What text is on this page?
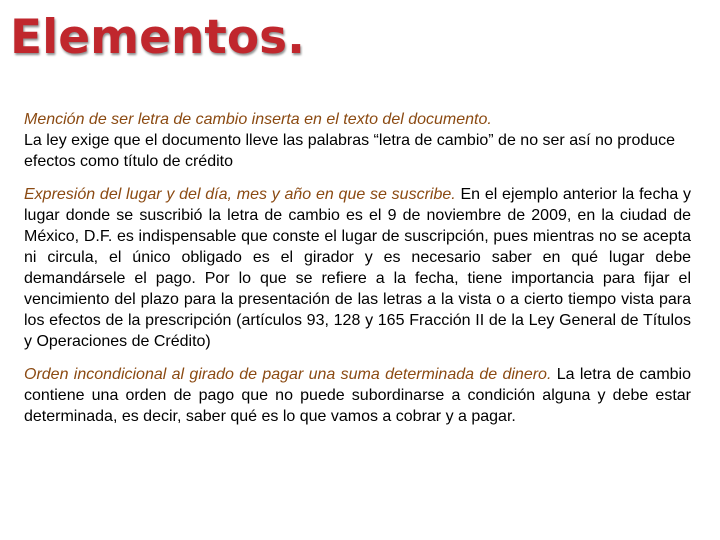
Elementos.

Mención de ser letra de cambio inserta en el texto del documento.
La ley exige que el documento lleve las palabras “letra de cambio” de no ser así no produce efectos como título de crédito

Expresión del lugar y del día, mes y año en que se suscribe. En el ejemplo anterior la fecha y lugar donde se suscribió la letra de cambio es el 9 de noviembre de 2009, en la ciudad de México, D.F. es indispensable que conste el lugar de suscripción, pues mientras no se acepta ni circula, el único obligado es el girador y es necesario saber en qué lugar debe demandársele el pago. Por lo que se refiere a la fecha, tiene importancia para fijar el vencimiento del plazo para la presentación de las letras a la vista o a cierto tiempo vista para los efectos de la prescripción (artículos 93, 128 y 165 Fracción II de la Ley General de Títulos y Operaciones de Crédito)

Orden incondicional al girado de pagar una suma determinada de dinero. La letra de cambio contiene una orden de pago que no puede subordinarse a condición alguna y debe estar determinada, es decir, saber qué es lo que vamos a cobrar y a pagar.
